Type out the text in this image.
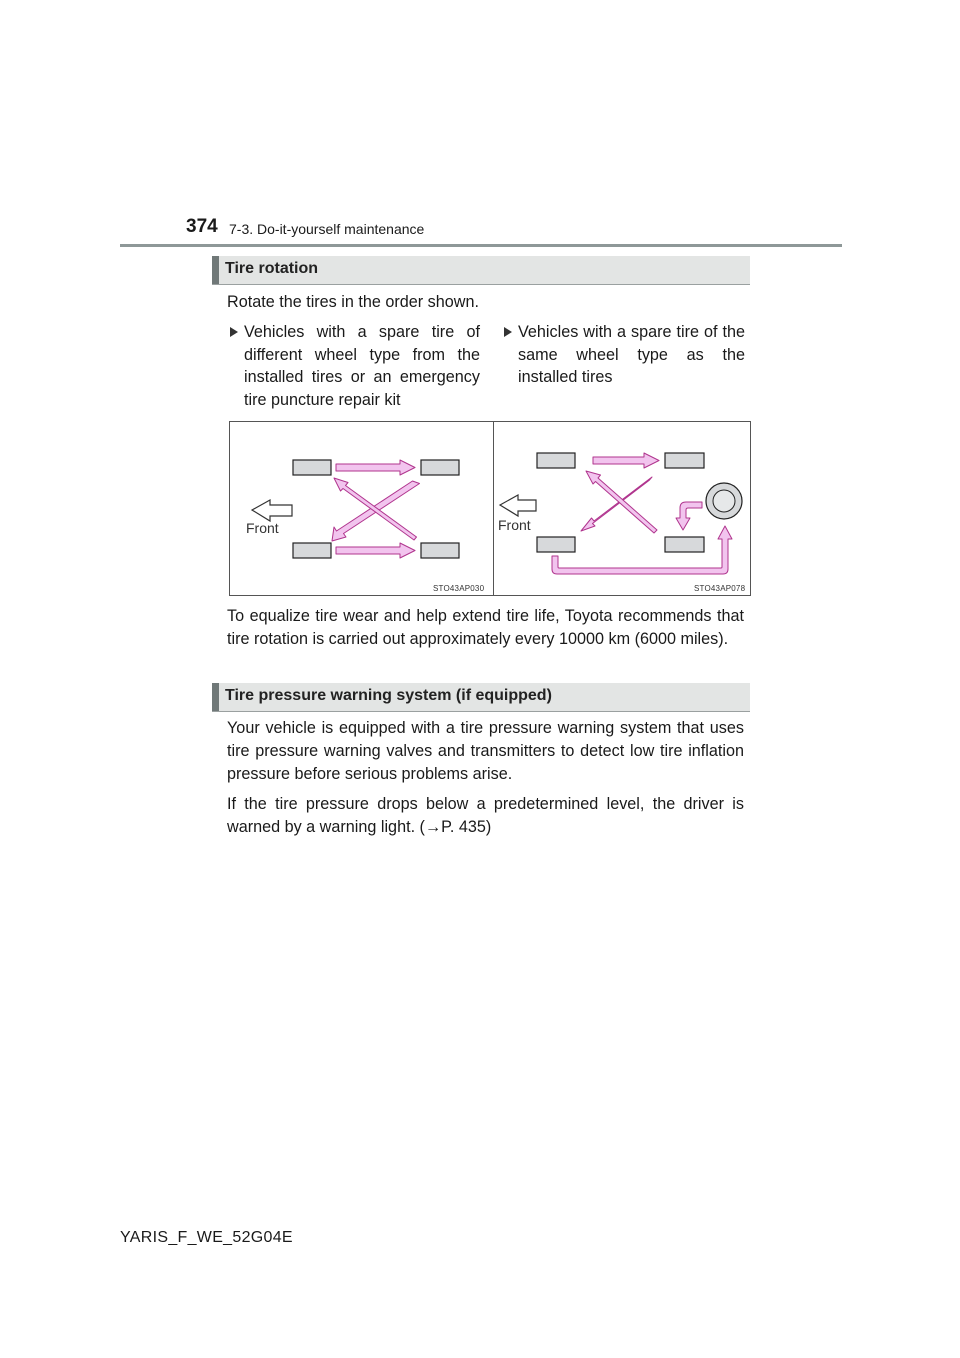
374 7-3. Do-it-yourself maintenance
Tire rotation
Rotate the tires in the order shown.
Vehicles with a spare tire of different wheel type from the installed tires or an emergency tire puncture repair kit
Vehicles with a spare tire of the same wheel type as the installed tires
Front
STO43AP030
Front
STO43AP078
To equalize tire wear and help extend tire life, Toyota recommends that tire rotation is carried out approximately every 10000 km (6000 miles).
Tire pressure warning system (if equipped)
Your vehicle is equipped with a tire pressure warning system that uses tire pressure warning valves and transmitters to detect low tire inflation pressure before serious problems arise.
If the tire pressure drops below a predetermined level, the driver is warned by a warning light. (→P. 435)
YARIS_F_WE_52G04E
